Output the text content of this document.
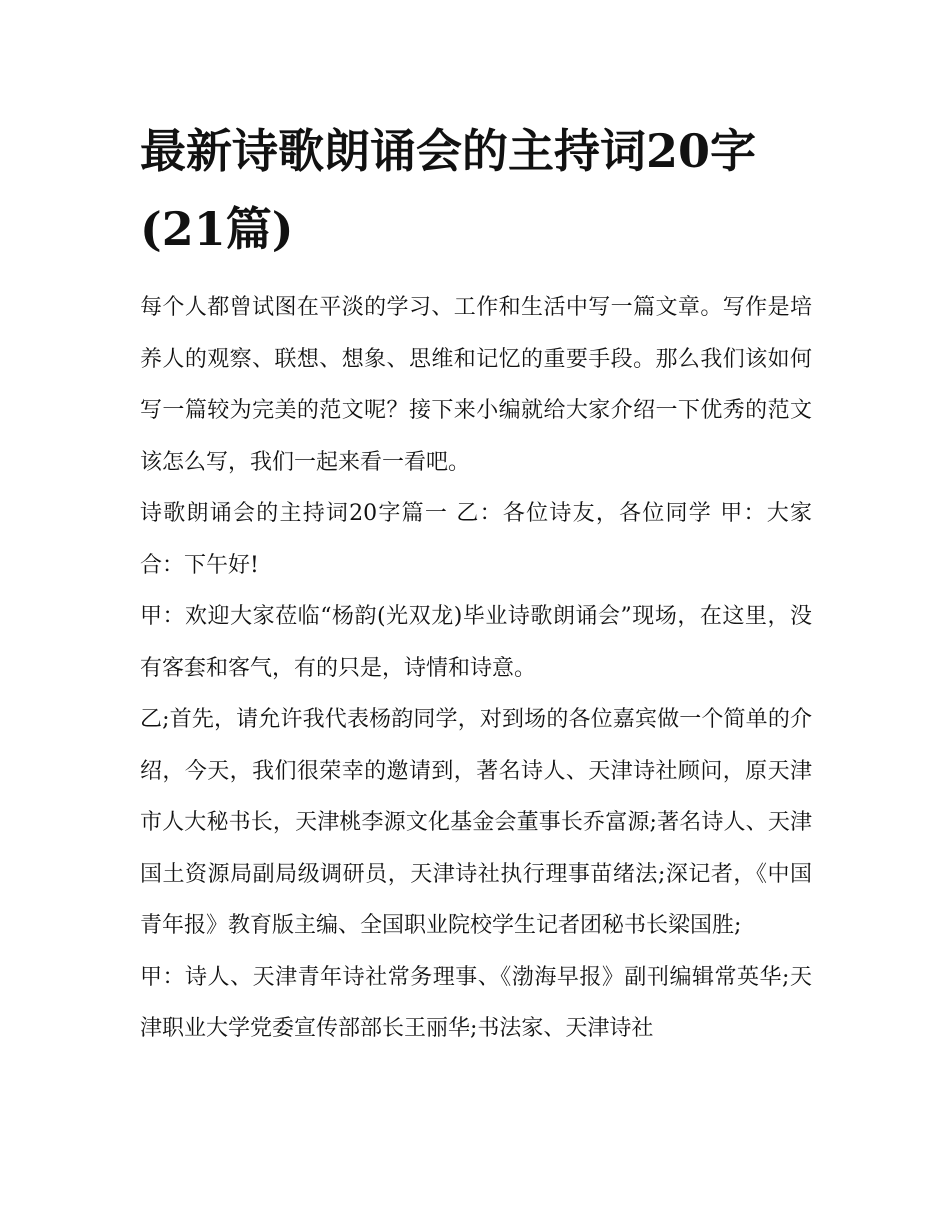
最新诗歌朗诵会的主持词20字(21篇)

每个人都曾试图在平淡的学习、工作和生活中写一篇文章。写作是培养人的观察、联想、想象、思维和记忆的重要手段。那么我们该如何写一篇较为完美的范文呢？接下来小编就给大家介绍一下优秀的范文该怎么写，我们一起来看一看吧。

诗歌朗诵会的主持词20字篇一 乙：各位诗友，各位同学 甲：大家 合：下午好!

甲：欢迎大家莅临“杨韵(光双龙)毕业诗歌朗诵会”现场，在这里，没有客套和客气，有的只是，诗情和诗意。

乙;首先，请允许我代表杨韵同学，对到场的各位嘉宾做一个简单的介绍，今天，我们很荣幸的邀请到，著名诗人、天津诗社顾问，原天津市人大秘书长，天津桃李源文化基金会董事长乔富源;著名诗人、天津国土资源局副局级调研员，天津诗社执行理事苗绪法;深记者，《中国青年报》教育版主编、全国职业院校学生记者团秘书长梁国胜;

甲：诗人、天津青年诗社常务理事、《渤海早报》副刊编辑常英华;天津职业大学党委宣传部部长王丽华;书法家、天津诗社
